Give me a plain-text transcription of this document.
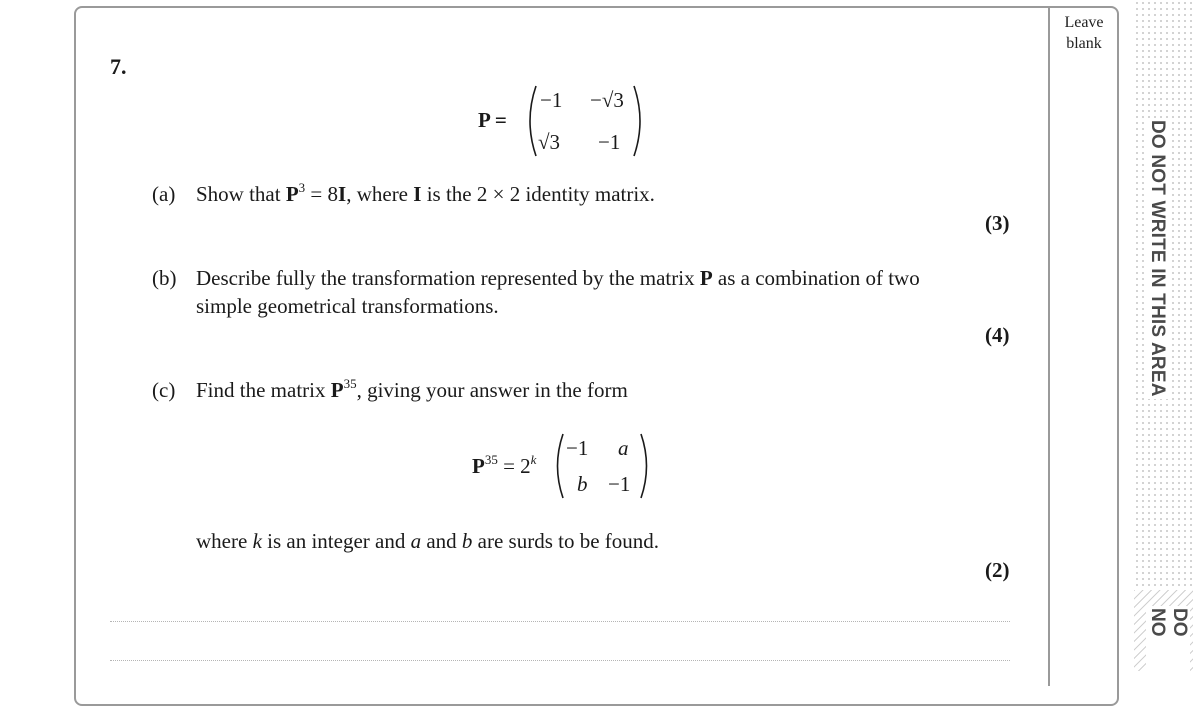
Leave
blank
DO NOT WRITE IN THIS AREA
DO NO
7.
P =
−1 −√3
√3 −1
(a) Show that $P^3 = 8I$, where I is the 2 × 2 identity matrix.
(3)
(b) Describe fully the transformation represented by the matrix P as a combination of two
simple geometrical transformations.
(4)
(c) Find the matrix $P^{35}$, giving your answer in the form
$P^{35} = 2^k -1$ a
b −1
where k is an integer and a and b are surds to be found.
(2)
